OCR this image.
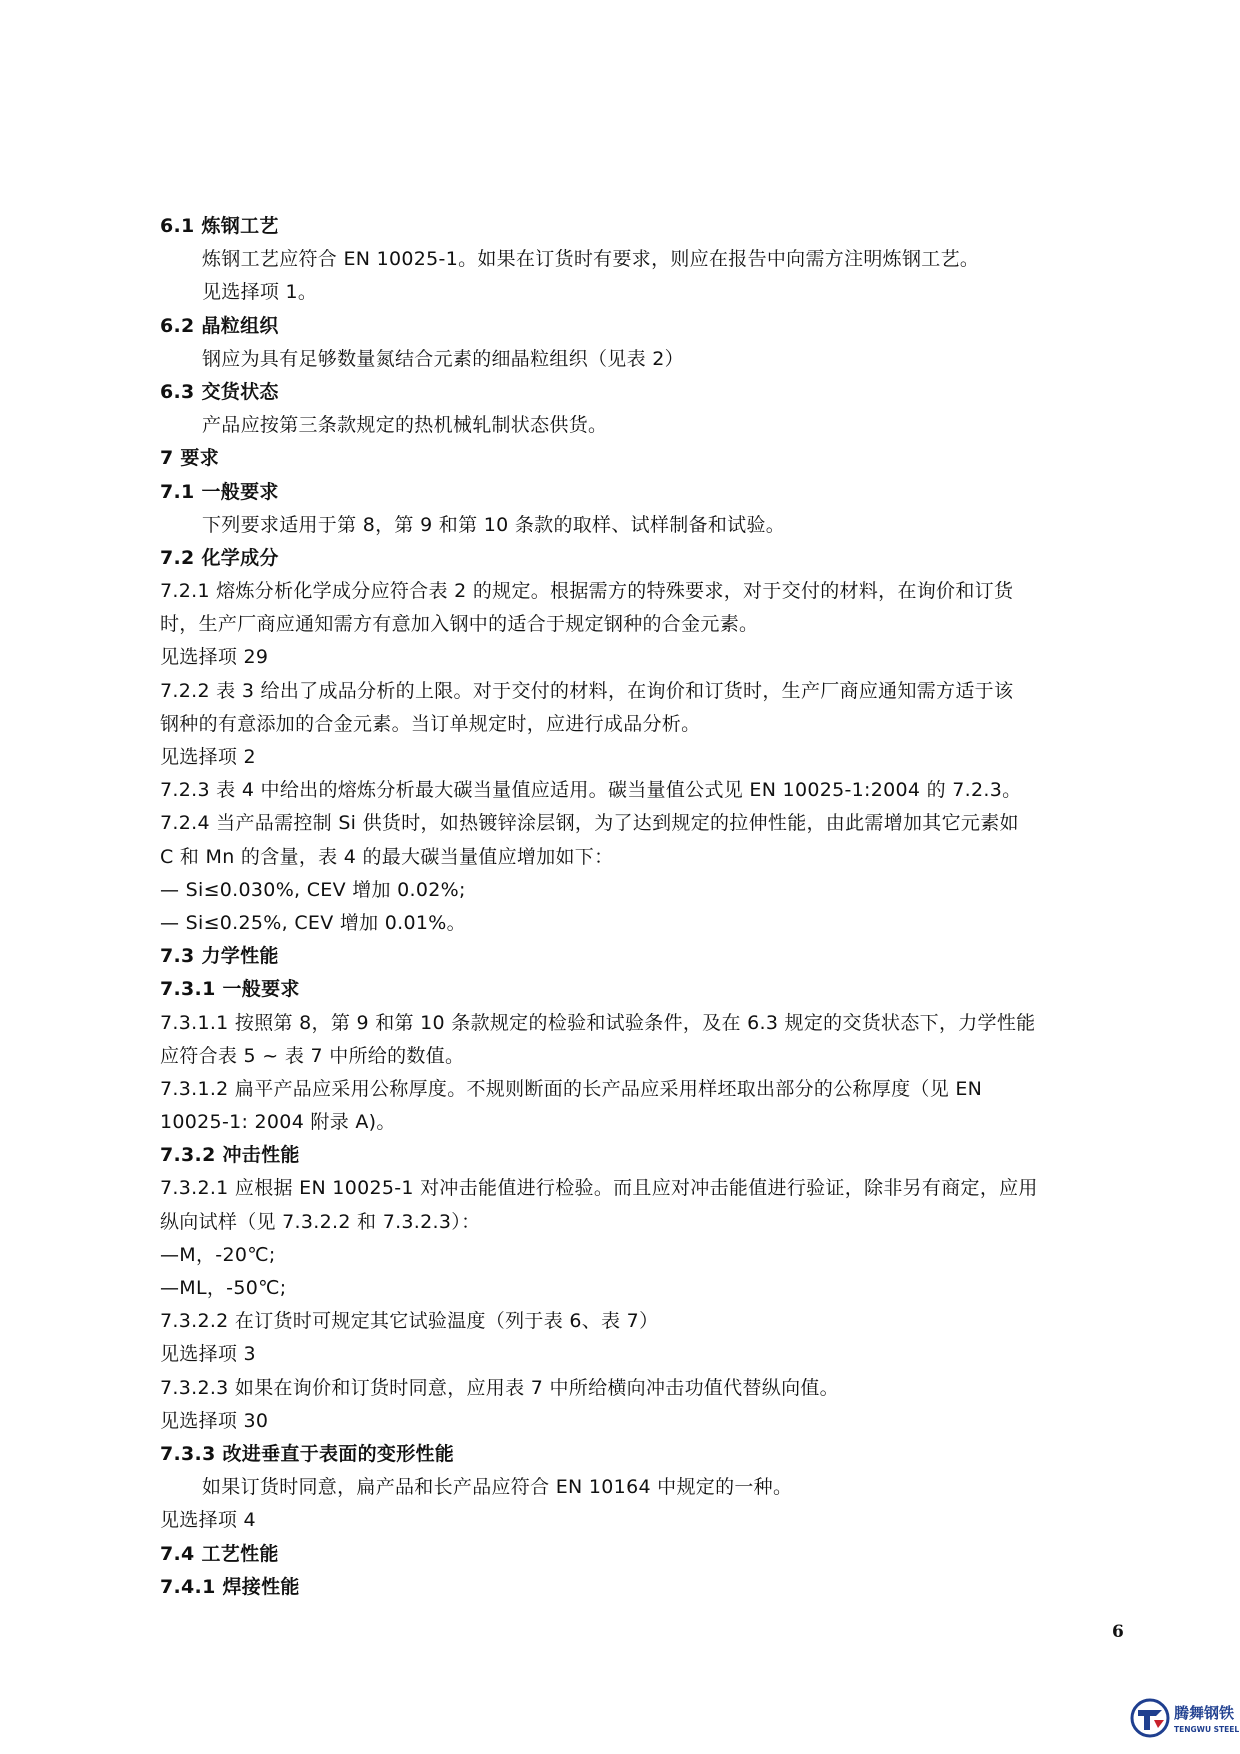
6.1 炼钢工艺
炼钢工艺应符合 EN 10025-1。如果在订货时有要求，则应在报告中向需方注明炼钢工艺。
见选择项 1。
6.2 晶粒组织
钢应为具有足够数量氮结合元素的细晶粒组织（见表 2）
6.3 交货状态
产品应按第三条款规定的热机械轧制状态供货。
7 要求
7.1 一般要求
下列要求适用于第 8，第 9 和第 10 条款的取样、试样制备和试验。
7.2 化学成分
7.2.1 熔炼分析化学成分应符合表 2 的规定。根据需方的特殊要求，对于交付的材料，在询价和订货
时，生产厂商应通知需方有意加入钢中的适合于规定钢种的合金元素。
见选择项 29
7.2.2 表 3 给出了成品分析的上限。对于交付的材料，在询价和订货时，生产厂商应通知需方适于该
钢种的有意添加的合金元素。当订单规定时，应进行成品分析。
见选择项 2
7.2.3 表 4 中给出的熔炼分析最大碳当量值应适用。碳当量值公式见 EN 10025-1:2004 的 7.2.3。
7.2.4 当产品需控制 Si 供货时，如热镀锌涂层钢，为了达到规定的拉伸性能，由此需增加其它元素如
C 和 Mn 的含量，表 4 的最大碳当量值应增加如下：
— Si≤0.030%, CEV 增加 0.02%;
— Si≤0.25%, CEV 增加 0.01%。
7.3 力学性能
7.3.1 一般要求
7.3.1.1 按照第 8，第 9 和第 10 条款规定的检验和试验条件，及在 6.3 规定的交货状态下，力学性能
应符合表 5 ~ 表 7 中所给的数值。
7.3.1.2 扁平产品应采用公称厚度。不规则断面的长产品应采用样坯取出部分的公称厚度（见 EN
10025-1: 2004 附录 A)。
7.3.2 冲击性能
7.3.2.1 应根据 EN 10025-1 对冲击能值进行检验。而且应对冲击能值进行验证，除非另有商定，应用
纵向试样（见 7.3.2.2 和 7.3.2.3）：
—M，-20℃;
—ML，-50℃;
7.3.2.2 在订货时可规定其它试验温度（列于表 6、表 7）
见选择项 3
7.3.2.3 如果在询价和订货时同意，应用表 7 中所给横向冲击功值代替纵向值。
见选择项 30
7.3.3 改进垂直于表面的变形性能
如果订货时同意，扁产品和长产品应符合 EN 10164 中规定的一种。
见选择项 4
7.4 工艺性能
7.4.1 焊接性能
6
腾舞钢铁
TENGWU STEEL
